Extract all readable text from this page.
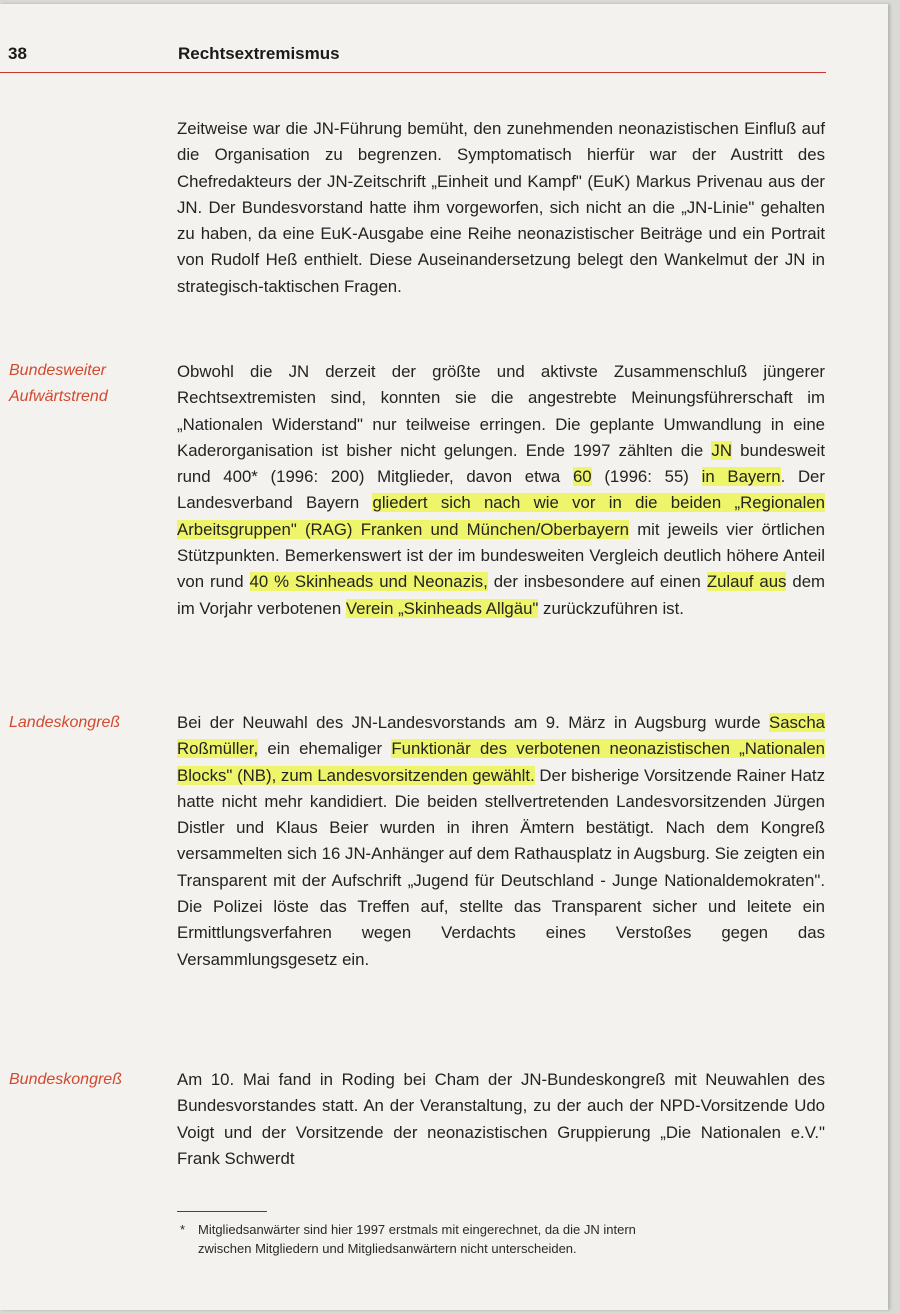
38	Rechtsextremismus

Zeitweise war die JN-Führung bemüht, den zunehmenden neonazistischen Einfluß auf die Organisation zu begrenzen. Symptomatisch hierfür war der Austritt des Chefredakteurs der JN-Zeitschrift „Einheit und Kampf" (EuK) Markus Privenau aus der JN. Der Bundesvorstand hatte ihm vorgeworfen, sich nicht an die „JN-Linie" gehalten zu haben, da eine EuK-Ausgabe eine Reihe neonazistischer Beiträge und ein Portrait von Rudolf Heß enthielt. Diese Auseinandersetzung belegt den Wankelmut der JN in strategisch-taktischen Fragen.

Bundesweiter
Aufwärtstrend

Obwohl die JN derzeit der größte und aktivste Zusammenschluß jüngerer Rechtsextremisten sind, konnten sie die angestrebte Meinungsführerschaft im „Nationalen Widerstand" nur teilweise erringen. Die geplante Umwandlung in eine Kaderorganisation ist bisher nicht gelungen. Ende 1997 zählten die JN bundesweit rund 400* (1996: 200) Mitglieder, davon etwa 60 (1996: 55) in Bayern. Der Landesverband Bayern gliedert sich nach wie vor in die beiden „Regionalen Arbeitsgruppen" (RAG) Franken und München/Oberbayern mit jeweils vier örtlichen Stützpunkten. Bemerkenswert ist der im bundesweiten Vergleich deutlich höhere Anteil von rund 40 % Skinheads und Neonazis, der insbesondere auf einen Zulauf aus dem im Vorjahr verbotenen Verein „Skinheads Allgäu" zurückzuführen ist.

Landeskongreß	Bei der Neuwahl des JN-Landesvorstands am 9. März in Augsburg wurde Sascha Roßmüller, ein ehemaliger Funktionär des verbotenen neonazistischen „Nationalen Blocks" (NB), zum Landesvorsitzenden gewählt. Der bisherige Vorsitzende Rainer Hatz hatte nicht mehr kandidiert. Die beiden stellvertretenden Landesvorsitzenden Jürgen Distler und Klaus Beier wurden in ihren Ämtern bestätigt. Nach dem Kongreß versammelten sich 16 JN-Anhänger auf dem Rathausplatz in Augsburg. Sie zeigten ein Transparent mit der Aufschrift „Jugend für Deutschland - Junge Nationaldemokraten". Die Polizei löste das Treffen auf, stellte das Transparent sicher und leitete ein Ermittlungsverfahren wegen Verdachts eines Verstoßes gegen das Versammlungsgesetz ein.

Bundeskongreß	Am 10. Mai fand in Roding bei Cham der JN-Bundeskongreß mit Neuwahlen des Bundesvorstandes statt. An der Veranstaltung, zu der auch der NPD-Vorsitzende Udo Voigt und der Vorsitzende der neonazistischen Gruppierung „Die Nationalen e.V." Frank Schwerdt

* Mitgliedsanwärter sind hier 1997 erstmals mit eingerechnet, da die JN intern
zwischen Mitgliedern und Mitgliedsanwärtern nicht unterscheiden.
